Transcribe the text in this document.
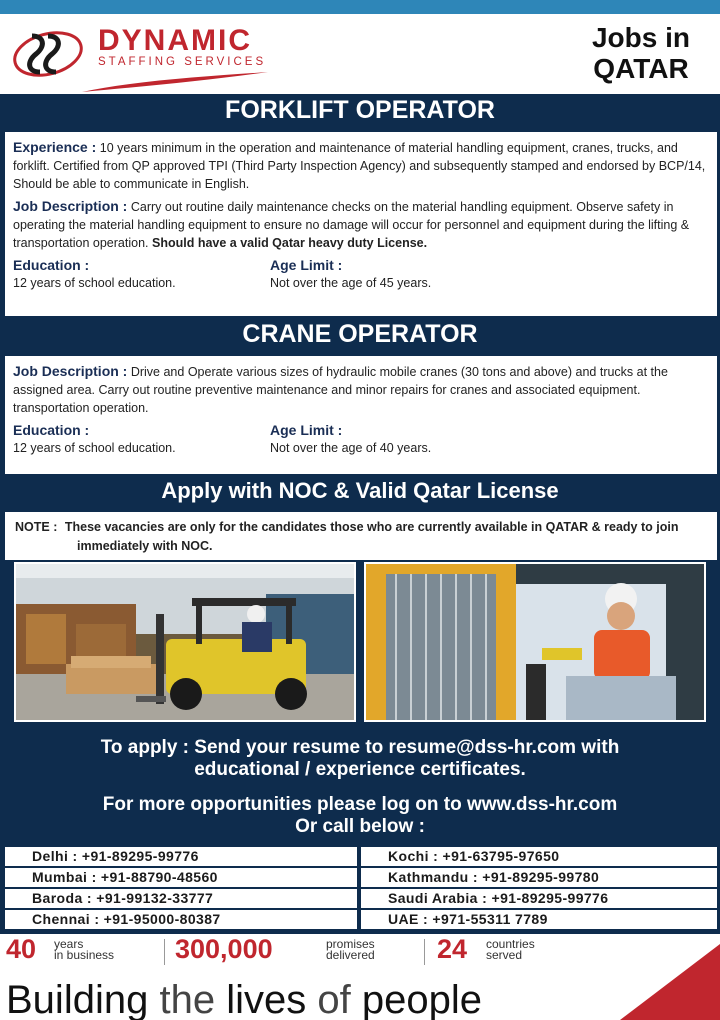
DYNAMIC
STAFFING SERVICES
Jobs in
QATAR
FORKLIFT OPERATOR

Experience : 10 years minimum in the operation and maintenance of material handling equipment, cranes, trucks, and forklift. Certified from QP approved TPI (Third Party Inspection Agency) and subsequently stamped and endorsed by BCP/14, Should be able to communicate in English.

Job Description : Carry out routine daily maintenance checks on the material handling equipment. Observe safety in operating the material handling equipment to ensure no damage will occur for personnel and equipment during the lifting & transportation operation. Should have a valid Qatar heavy duty License.

Education :
12 years of school education.
Age Limit :
Not over the age of 45 years.
CRANE OPERATOR

Job Description : Drive and Operate various sizes of hydraulic mobile cranes (30 tons and above) and trucks at the assigned area. Carry out routine preventive maintenance and minor repairs for cranes and associated equipment. transportation operation.

Education :
12 years of school education.
Age Limit :
Not over the age of 40 years.
Apply with NOC & Valid Qatar License
NOTE : These vacancies are only for the candidates those who are currently available in QATAR & ready to join
immediately with NOC.
To apply : Send your resume to resume@dss-hr.com with
educational / experience certificates.
For more opportunities please log on to www.dss-hr.com
Or call below :
Delhi : +91-89295-99776
Mumbai : +91-88790-48560
Baroda : +91-99132-33777
Chennai : +91-95000-80387
Kochi : +91-63795-97650
Kathmandu : +91-89295-99780
Saudi Arabia : +91-89295-99776
UAE : +971-55311 7789
40 years
in business 300,000	promises
delivered 24 countries
served
Building the lives of people
